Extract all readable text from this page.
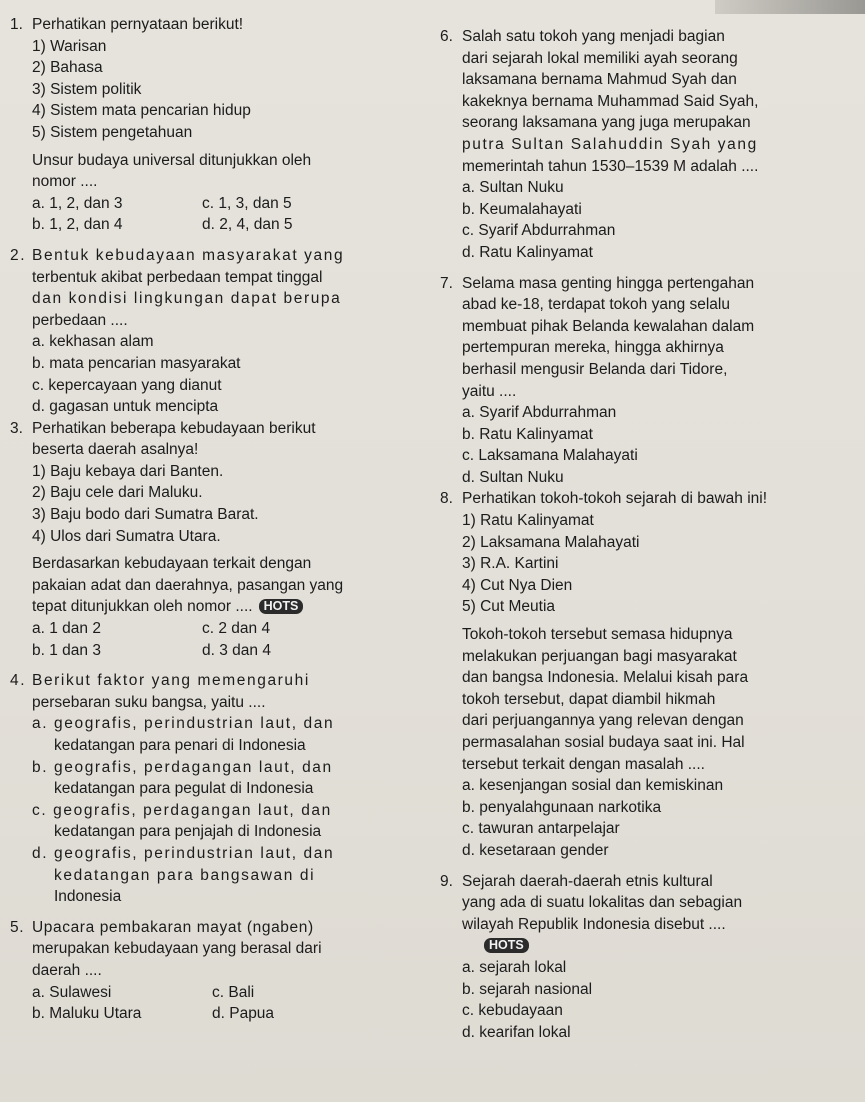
1. Perhatikan pernyataan berikut!
1) Warisan
2) Bahasa
3) Sistem politik
4) Sistem mata pencarian hidup
5) Sistem pengetahuan
Unsur budaya universal ditunjukkan oleh
nomor ....
a. 1, 2, dan 3	c. 1, 3, dan 5
b. 1, 2, dan 4	d. 2, 4, dan 5
2. Bentuk kebudayaan masyarakat yang
terbentuk akibat perbedaan tempat tinggal
dan kondisi lingkungan dapat berupa
perbedaan ....
a. kekhasan alam
b. mata pencarian masyarakat
c. kepercayaan yang dianut
d. gagasan untuk mencipta
3. Perhatikan beberapa kebudayaan berikut
beserta daerah asalnya!
1) Baju kebaya dari Banten.
2) Baju cele dari Maluku.
3) Baju bodo dari Sumatra Barat.
4) Ulos dari Sumatra Utara.
Berdasarkan kebudayaan terkait dengan
pakaian adat dan daerahnya, pasangan yang
tepat ditunjukkan oleh nomor .... HOTS
a. 1 dan 2	c. 2 dan 4
b. 1 dan 3	d. 3 dan 4
4. Berikut faktor yang memengaruhi
persebaran suku bangsa, yaitu ....
a. geografis, perindustrian laut, dan
kedatangan para penari di Indonesia
b. geografis, perdagangan laut, dan
kedatangan para pegulat di Indonesia
c. geografis, perdagangan laut, dan
kedatangan para penjajah di Indonesia
d. geografis, perindustrian laut, dan
kedatangan para bangsawan di
Indonesia
5. Upacara pembakaran mayat (ngaben)
merupakan kebudayaan yang berasal dari
daerah ....
a. Sulawesi	c. Bali
b. Maluku Utara	d. Papua
6. Salah satu tokoh yang menjadi bagian
dari sejarah lokal memiliki ayah seorang
laksamana bernama Mahmud Syah dan
kakeknya bernama Muhammad Said Syah,
seorang laksamana yang juga merupakan
putra Sultan Salahuddin Syah yang
memerintah tahun 1530–1539 M adalah ....
a. Sultan Nuku
b. Keumalahayati
c. Syarif Abdurrahman
d. Ratu Kalinyamat
7. Selama masa genting hingga pertengahan
abad ke-18, terdapat tokoh yang selalu
membuat pihak Belanda kewalahan dalam
pertempuran mereka, hingga akhirnya
berhasil mengusir Belanda dari Tidore,
yaitu ....
a. Syarif Abdurrahman
b. Ratu Kalinyamat
c. Laksamana Malahayati
d. Sultan Nuku
8. Perhatikan tokoh-tokoh sejarah di bawah ini!
1) Ratu Kalinyamat
2) Laksamana Malahayati
3) R.A. Kartini
4) Cut Nya Dien
5) Cut Meutia
Tokoh-tokoh tersebut semasa hidupnya
melakukan perjuangan bagi masyarakat
dan bangsa Indonesia. Melalui kisah para
tokoh tersebut, dapat diambil hikmah
dari perjuangannya yang relevan dengan
permasalahan sosial budaya saat ini. Hal
tersebut terkait dengan masalah ....
a. kesenjangan sosial dan kemiskinan
b. penyalahgunaan narkotika
c. tawuran antarpelajar
d. kesetaraan gender
9. Sejarah daerah-daerah etnis kultural
yang ada di suatu lokalitas dan sebagian
wilayah Republik Indonesia disebut ....
HOTS
a. sejarah lokal
b. sejarah nasional
c. kebudayaan
d. kearifan lokal
